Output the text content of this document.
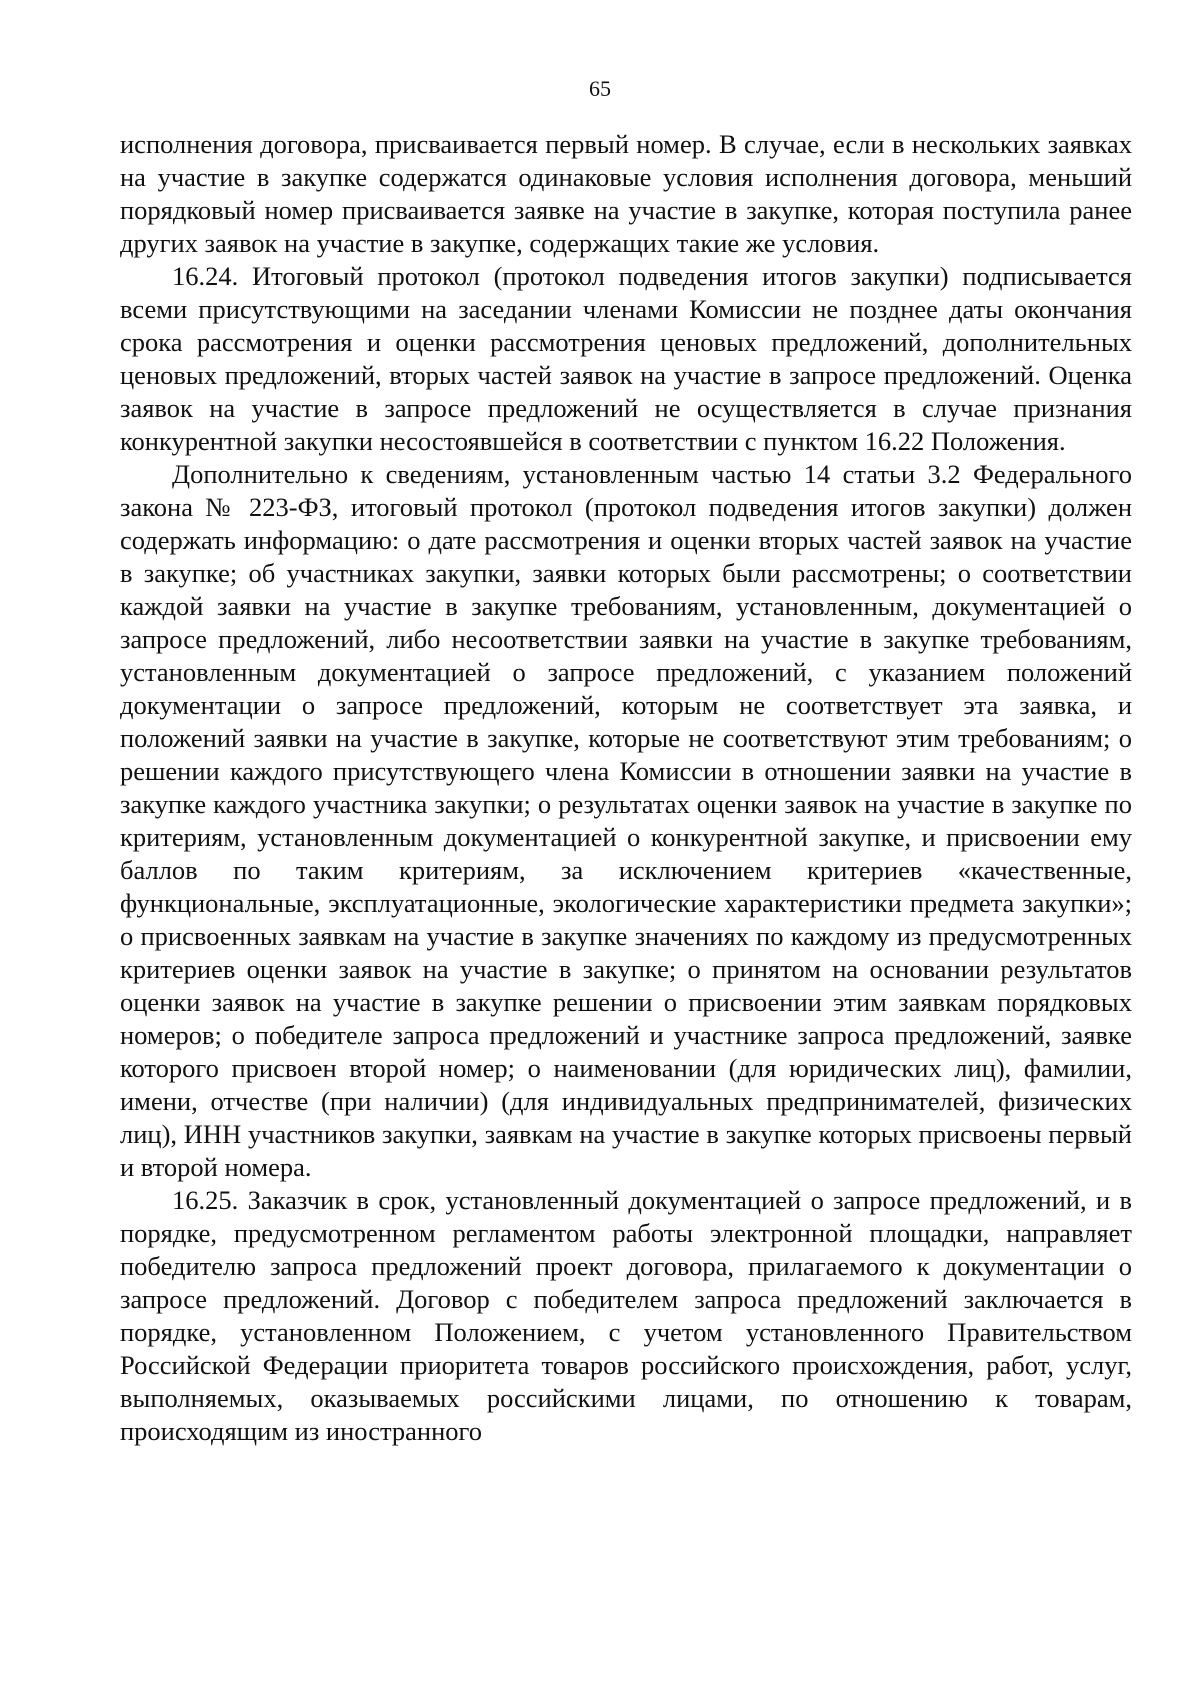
65

исполнения договора, присваивается первый номер. В случае, если в нескольких заявках на участие в закупке содержатся одинаковые условия исполнения договора, меньший порядковый номер присваивается заявке на участие в закупке, которая поступила ранее других заявок на участие в закупке, содержащих такие же условия.

16.24. Итоговый протокол (протокол подведения итогов закупки) подписывается всеми присутствующими на заседании членами Комиссии не позднее даты окончания срока рассмотрения и оценки рассмотрения ценовых предложений, дополнительных ценовых предложений, вторых частей заявок на участие в запросе предложений. Оценка заявок на участие в запросе предложений не осуществляется в случае признания конкурентной закупки несостоявшейся в соответствии с пунктом 16.22 Положения.

Дополнительно к сведениям, установленным частью 14 статьи 3.2 Федерального закона № 223-ФЗ, итоговый протокол (протокол подведения итогов закупки) должен содержать информацию: о дате рассмотрения и оценки вторых частей заявок на участие в закупке; об участниках закупки, заявки которых были рассмотрены; о соответствии каждой заявки на участие в закупке требованиям, установленным, документацией о запросе предложений, либо несоответствии заявки на участие в закупке требованиям, установленным документацией о запросе предложений, с указанием положений документации о запросе предложений, которым не соответствует эта заявка, и положений заявки на участие в закупке, которые не соответствуют этим требованиям; о решении каждого присутствующего члена Комиссии в отношении заявки на участие в закупке каждого участника закупки; о результатах оценки заявок на участие в закупке по критериям, установленным документацией о конкурентной закупке, и присвоении ему баллов по таким критериям, за исключением критериев «качественные, функциональные, эксплуатационные, экологические характеристики предмета закупки»; о присвоенных заявкам на участие в закупке значениях по каждому из предусмотренных критериев оценки заявок на участие в закупке; о принятом на основании результатов оценки заявок на участие в закупке решении о присвоении этим заявкам порядковых номеров; о победителе запроса предложений и участнике запроса предложений, заявке которого присвоен второй номер; о наименовании (для юридических лиц), фамилии, имени, отчестве (при наличии) (для индивидуальных предпринимателей, физических лиц), ИНН участников закупки, заявкам на участие в закупке которых присвоены первый и второй номера.

16.25. Заказчик в срок, установленный документацией о запросе предложений, и в порядке, предусмотренном регламентом работы электронной площадки, направляет победителю запроса предложений проект договора, прилагаемого к документации о запросе предложений. Договор с победителем запроса предложений заключается в порядке, установленном Положением, с учетом установленного Правительством Российской Федерации приоритета товаров российского происхождения, работ, услуг, выполняемых, оказываемых российскими лицами, по отношению к товарам, происходящим из иностранного
